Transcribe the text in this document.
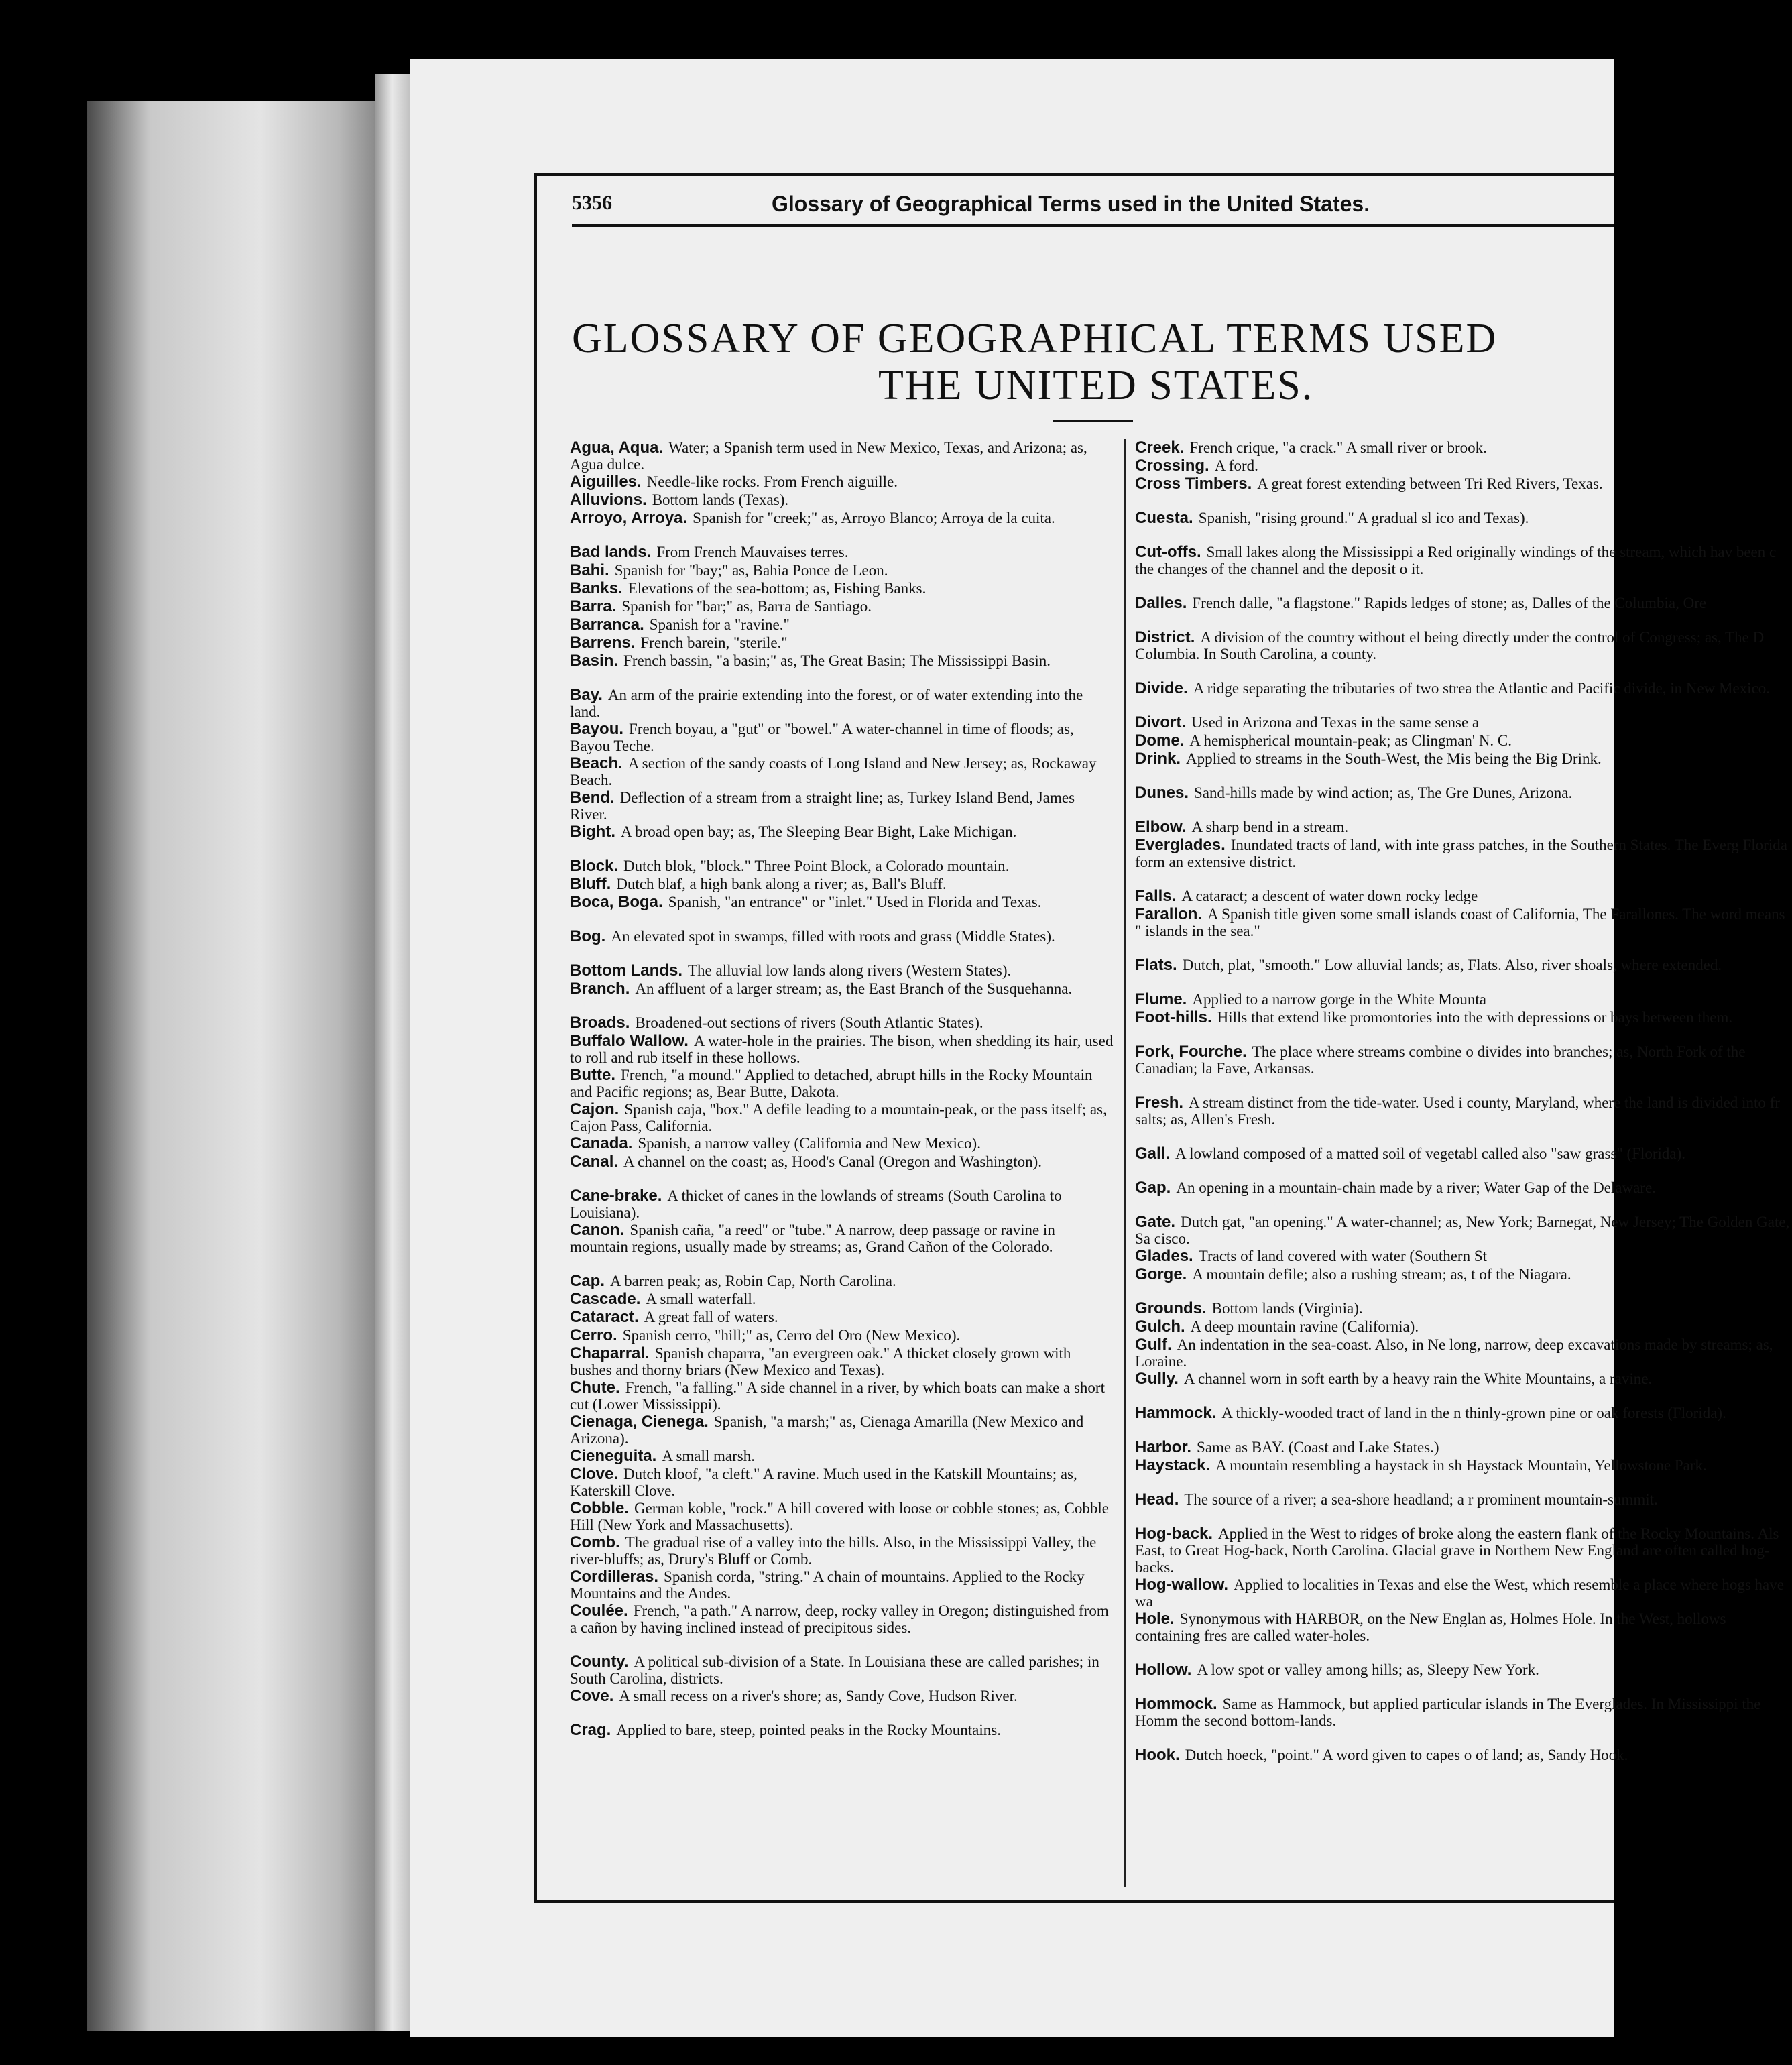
5356	Glossary of Geographical Terms used in the United States.
GLOSSARY OF GEOGRAPHICAL TERMS USED
THE UNITED STATES.
Agua, Aqua. Water; a Spanish term used in New Mexico, Texas, and Arizona; as, Agua dulce.
Aiguilles. Needle-like rocks. From French aiguille.
Alluvions. Bottom lands (Texas).
Arroyo, Arroya. Spanish for "creek;" as, Arroyo Blanco; Arroya de la cuita.
Bad lands. From French Mauvaises terres.
Bahi. Spanish for "bay;" as, Bahia Ponce de Leon.
Banks. Elevations of the sea-bottom; as, Fishing Banks.
Barra. Spanish for "bar;" as, Barra de Santiago.
Barranca. Spanish for a "ravine."
Barrens. French barein, "sterile."
Basin. French bassin, "a basin;" as, The Great Basin; The Mississippi Basin.
Bay. An arm of the prairie extending into the forest, or of water extending into the land.
Bayou. French boyau, a "gut" or "bowel." A water-channel in time of floods; as, Bayou Teche.
Beach. A section of the sandy coasts of Long Island and New Jersey; as, Rockaway Beach.
Bend. Deflection of a stream from a straight line; as, Turkey Island Bend, James River.
Bight. A broad open bay; as, The Sleeping Bear Bight, Lake Michigan.
Block. Dutch blok, "block." Three Point Block, a Colorado mountain.
Bluff. Dutch blaf, a high bank along a river; as, Ball's Bluff.
Boca, Boga. Spanish, "an entrance" or "inlet." Used in Florida and Texas.
Bog. An elevated spot in swamps, filled with roots and grass (Middle States).
Bottom Lands. The alluvial low lands along rivers (Western States).
Branch. An affluent of a larger stream; as, the East Branch of the Susquehanna.
Broads. Broadened-out sections of rivers (South Atlantic States).
Buffalo Wallow. A water-hole in the prairies. The bison, when shedding its hair, used to roll and rub itself in these hollows.
Butte. French, "a mound." Applied to detached, abrupt hills in the Rocky Mountain and Pacific regions; as, Bear Butte, Dakota.
Cajon. Spanish caja, "box." A defile leading to a mountain-peak, or the pass itself; as, Cajon Pass, California.
Canada. Spanish, a narrow valley (California and New Mexico).
Canal. A channel on the coast; as, Hood's Canal (Oregon and Washington).
Cane-brake. A thicket of canes in the lowlands of streams (South Carolina to Louisiana).
Canon. Spanish caña, "a reed" or "tube." A narrow, deep passage or ravine in mountain regions, usually made by streams; as, Grand Cañon of the Colorado.
Cap. A barren peak; as, Robin Cap, North Carolina.
Cascade. A small waterfall.
Cataract. A great fall of waters.
Cerro. Spanish cerro, "hill;" as, Cerro del Oro (New Mexico).
Chaparral. Spanish chaparra, "an evergreen oak." A thicket closely grown with bushes and thorny briars (New Mexico and Texas).
Chute. French, "a falling." A side channel in a river, by which boats can make a short cut (Lower Mississippi).
Cienaga, Cienega. Spanish, "a marsh;" as, Cienaga Amarilla (New Mexico and Arizona).
Cieneguita. A small marsh.
Clove. Dutch kloof, "a cleft." A ravine. Much used in the Katskill Mountains; as, Katerskill Clove.
Cobble. German koble, "rock." A hill covered with loose or cobble stones; as, Cobble Hill (New York and Massachusetts).
Comb. The gradual rise of a valley into the hills. Also, in the Mississippi Valley, the river-bluffs; as, Drury's Bluff or Comb.
Cordilleras. Spanish corda, "string." A chain of mountains. Applied to the Rocky Mountains and the Andes.
Coulée. French, "a path." A narrow, deep, rocky valley in Oregon; distinguished from a cañon by having inclined instead of precipitous sides.
County. A political sub-division of a State. In Louisiana these are called parishes; in South Carolina, districts.
Cove. A small recess on a river's shore; as, Sandy Cove, Hudson River.
Crag. Applied to bare, steep, pointed peaks in the Rocky Mountains.
Creek. French crique, "a crack." A small river or brook.
Crossing. A ford.
Cross Timbers. A great forest extending between Tri Red Rivers, Texas.
Cuesta. Spanish, "rising ground." A gradual sl ico and Texas).
Cut-offs. Small lakes along the Mississippi a Red originally windings of the stream, which hav been c the changes of the channel and the deposit o it.
Dalles. French dalle, "a flagstone." Rapids ledges of stone; as, Dalles of the Columbia, Ore
District. A division of the country without el being directly under the control of Congress; as, The D Columbia. In South Carolina, a county.
Divide. A ridge separating the tributaries of two strea the Atlantic and Pacific divide, in New Mexico.
Divort. Used in Arizona and Texas in the same sense a
Dome. A hemispherical mountain-peak; as Clingman' N. C.
Drink. Applied to streams in the South-West, the Mis being the Big Drink.
Dunes. Sand-hills made by wind action; as, The Gre Dunes, Arizona.
Elbow. A sharp bend in a stream.
Everglades. Inundated tracts of land, with inte grass patches, in the Southern States. The Everg Florida form an extensive district.
Falls. A cataract; a descent of water down rocky ledge
Farallon. A Spanish title given some small islands coast of California, The Farallones. The word means " islands in the sea."
Flats. Dutch, plat, "smooth." Low alluvial lands; as, Flats. Also, river shoals, where extended.
Flume. Applied to a narrow gorge in the White Mounta
Foot-hills. Hills that extend like promontories into the with depressions or bays between them.
Fork, Fourche. The place where streams combine o divides into branches; as, North Fork of the Canadian; la Fave, Arkansas.
Fresh. A stream distinct from the tide-water. Used i county, Maryland, where the land is divided into fr salts; as, Allen's Fresh.
Gall. A lowland composed of a matted soil of vegetabl called also "saw grass" (Florida).
Gap. An opening in a mountain-chain made by a river; Water Gap of the Delaware.
Gate. Dutch gat, "an opening." A water-channel; as, New York; Barnegat, New Jersey; The Golden Gate, Sa cisco.
Glades. Tracts of land covered with water (Southern St
Gorge. A mountain defile; also a rushing stream; as, t of the Niagara.
Grounds. Bottom lands (Virginia).
Gulch. A deep mountain ravine (California).
Gulf. An indentation in the sea-coast. Also, in Ne long, narrow, deep excavations made by streams; as, Loraine.
Gully. A channel worn in soft earth by a heavy rain the White Mountains, a ravine.
Hammock. A thickly-wooded tract of land in the n thinly-grown pine or oak forests (Florida).
Harbor. Same as BAY. (Coast and Lake States.)
Haystack. A mountain resembling a haystack in sh Haystack Mountain, Yellowstone Park.
Head. The source of a river; a sea-shore headland; a r prominent mountain-summit.
Hog-back. Applied in the West to ridges of broke along the eastern flank of the Rocky Mountains. Als East, to Great Hog-back, North Carolina. Glacial grave in Northern New England are often called hog-backs.
Hog-wallow. Applied to localities in Texas and else the West, which resemble a place where hogs have wa
Hole. Synonymous with HARBOR, on the New Englan as, Holmes Hole. In the West, hollows containing fres are called water-holes.
Hollow. A low spot or valley among hills; as, Sleepy New York.
Hommock. Same as Hammock, but applied particular islands in The Everglades. In Mississippi the Homm the second bottom-lands.
Hook. Dutch hoeck, "point." A word given to capes o of land; as, Sandy Hook.
